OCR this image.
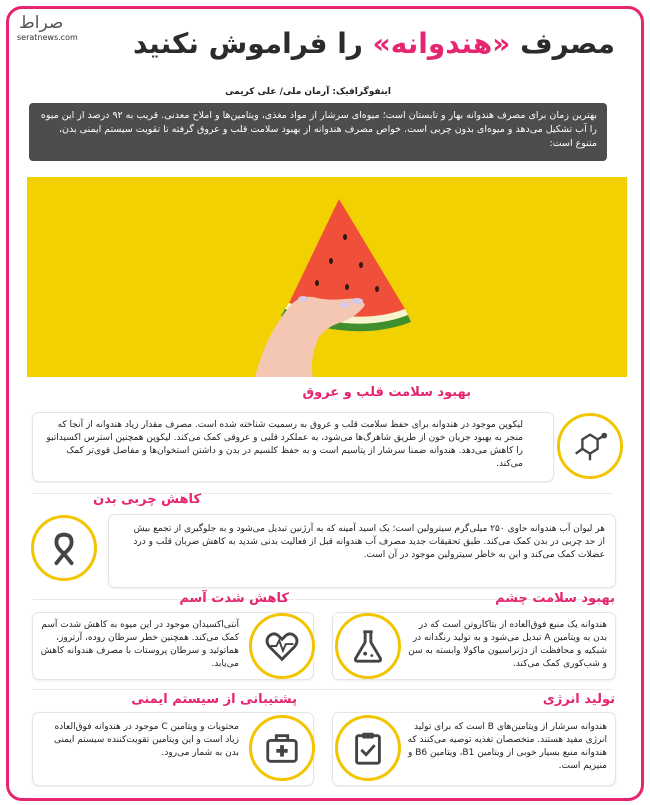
صراط
seratnews.com	مصرف «هندوانه» را فراموش نکنید
اینفوگرافیک: آرمان ملی/ علی کریمی
بهترین زمان برای مصرف هندوانه بهار و تابستان است؛ میوه‌ای سرشار از مواد مغذی، ویتامین‌ها و املاح معدنی. قریب به ۹۲ درصد از این میوه را آب تشکیل می‌دهد و میوه‌ای بدون چربی است. خواص مصرف هندوانه از بهبود سلامت قلب و عروق گرفته تا تقویت سیستم ایمنی بدن، متنوع است:
بهبود سلامت قلب و عروق
لیکوپن موجود در هندوانه برای حفظ سلامت قلب و عروق به رسمیت شناخته شده است. مصرف مقدار زیاد هندوانه از آنجا که منجر به بهبود جریان خون از طریق شاهرگ‌ها می‌شود، به عملکرد قلبی و عروقی کمک می‌کند. لیکوپن همچنین استرس اکسیداتیو را کاهش می‌دهد. هندوانه ضمنا سرشار از پتاسیم است و به حفظ کلسیم در بدن و داشتن استخوان‌ها و مفاصل قوی‌تر کمک می‌کند.
کاهش چربی بدن
هر لیوان آب هندوانه حاوی ۲۵۰ میلی‌گرم سیترولین است؛ یک اسید آمینه که به آرژنین تبدیل می‌شود و به جلوگیری از تجمع بیش از حد چربی در بدن کمک می‌کند. طبق تحقیقات جدید مصرف آب هندوانه قبل از فعالیت بدنی شدید به کاهش ضربان قلب و درد عضلات کمک می‌کند و این به خاطر سیترولین موجود در آن است.
کاهش شدت آسم
آنتی‌اکسیدان موجود در این میوه به کاهش شدت آسم کمک می‌کند. همچنین خطر سرطان روده، آرتروز، هماتوئید و سرطان پروستات با مصرف هندوانه کاهش می‌یابد.
بهبود سلامت چشم
هندوانه یک منبع فوق‌العاده از بتاکاروتن است که در بدن به ویتامین A تبدیل می‌شود و به تولید رنگدانه در شبکیه و محافظت از دژنراسیون ماکولا وابسته به سن و شب‌کوری کمک می‌کند.
پشتیبانی از سیستم ایمنی
محتویات و ویتامین C موجود در هندوانه فوق‌العاده زیاد است و این ویتامین تقویت‌کننده سیستم ایمنی بدن به شمار می‌رود.
تولید انرژی
هندوانه سرشار از ویتامین‌های B است که برای تولید انرژی مفید هستند. متخصصان تغذیه توصیه می‌کنند که هندوانه منبع بسیار خوبی از ویتامین B1، ویتامین B6 و منیزیم است.
